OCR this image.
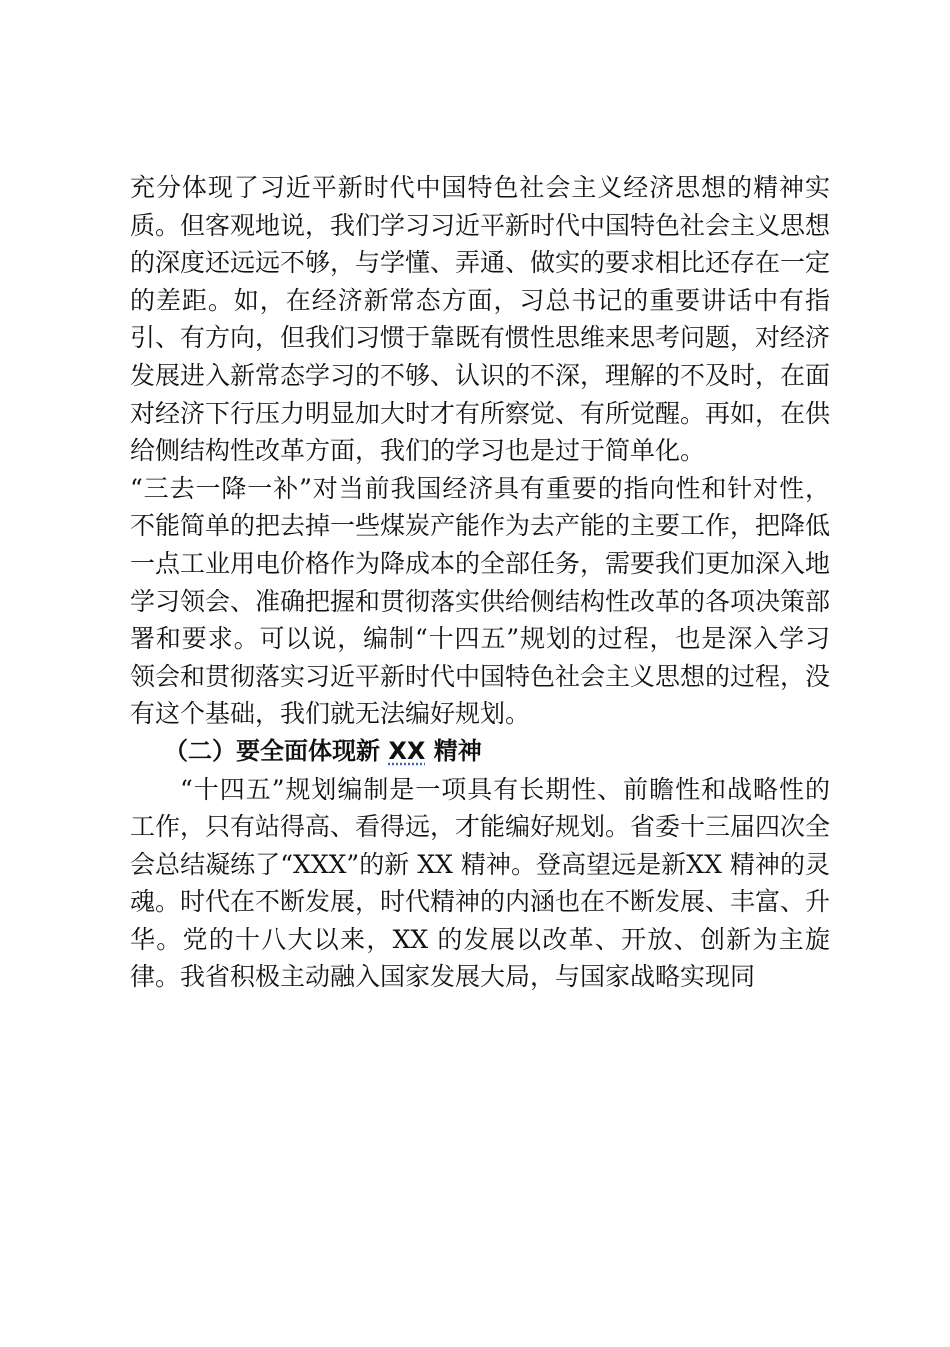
充分体现了习近平新时代中国特色社会主义经济思想的精神实质。但客观地说，我们学习习近平新时代中国特色社会主义思想的深度还远远不够，与学懂、弄通、做实的要求相比还存在一定的差距。如，在经济新常态方面，习总书记的重要讲话中有指引、有方向，但我们习惯于靠既有惯性思维来思考问题，对经济发展进入新常态学习的不够、认识的不深，理解的不及时，在面对经济下行压力明显加大时才有所察觉、有所觉醒。再如，在供给侧结构性改革方面，我们的学习也是过于简单化。

“三去一降一补”对当前我国经济具有重要的指向性和针对性，不能简单的把去掉一些煤炭产能作为去产能的主要工作，把降低一点工业用电价格作为降成本的全部任务，需要我们更加深入地学习领会、准确把握和贯彻落实供给侧结构性改革的各项决策部署和要求。可以说，编制“十四五”规划的过程，也是深入学习领会和贯彻落实习近平新时代中国特色社会主义思想的过程，没有这个基础，我们就无法编好规划。

（二）要全面体现新 XX 精神

“十四五”规划编制是一项具有长期性、前瞻性和战略性的工作，只有站得高、看得远，才能编好规划。省委十三届四次全会总结凝练了“XXX”的新 XX 精神。登高望远是新XX 精神的灵魂。时代在不断发展，时代精神的内涵也在不断发展、丰富、升华。党的十八大以来，XX 的发展以改革、开放、创新为主旋律。我省积极主动融入国家发展大局，与国家战略实现同
